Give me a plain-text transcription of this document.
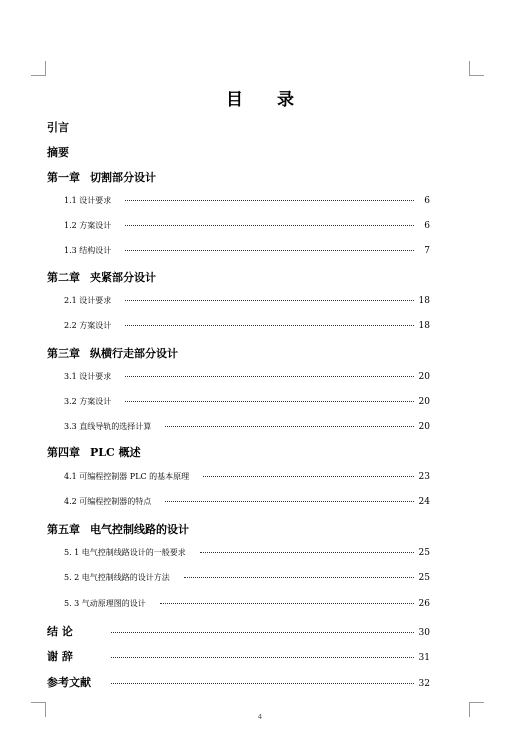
目 录
引言
摘要
第一章 切割部分设计
1.1 设计要求	6
1.2 方案设计	6
1.3 结构设计	7
第二章 夹紧部分设计
2.1 设计要求	18
2.2 方案设计	18
第三章 纵横行走部分设计
3.1 设计要求	20
3.2 方案设计	20
3.3 直线导轨的选择计算	20
第四章 PLC 概述
4.1 可编程控制器 PLC 的基本原理	23
4.2 可编程控制器的特点	24
第五章 电气控制线路的设计
5. 1 电气控制线路设计的一般要求	25
5. 2 电气控制线路的设计方法	25
5. 3 气动原理图的设计	26
结 论	30
谢 辞	31
参考文献	32
4
